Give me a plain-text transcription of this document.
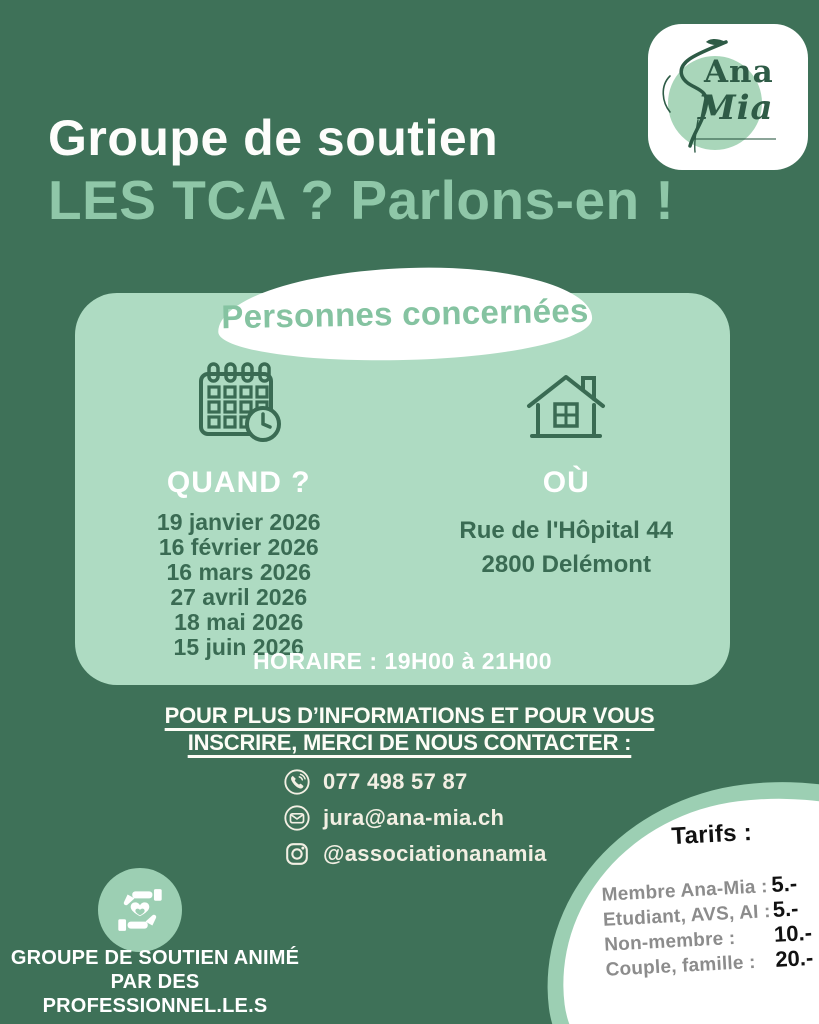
Groupe de soutien
LES TCA ? Parlons-en !
Ana
Mia
Personnes concernées
QUAND ?
19 janvier 2026
16 février 2026
16 mars 2026
27 avril 2026
18 mai 2026
15 juin 2026
OÙ
Rue de l'Hôpital 44
2800 Delémont
HORAIRE : 19H00 à 21H00
POUR PLUS D’INFORMATIONS ET POUR VOUS
INSCRIRE, MERCI DE NOUS CONTACTER :
077 498 57 87
jura@ana-mia.ch
@associationanamia
GROUPE DE SOUTIEN ANIMÉ
PAR DES PROFESSIONNEL.LE.S
Tarifs :
Membre Ana-Mia : 5.-
Etudiant, AVS, AI : 5.-
Non-membre :	10.-
Couple, famille : 20.-
